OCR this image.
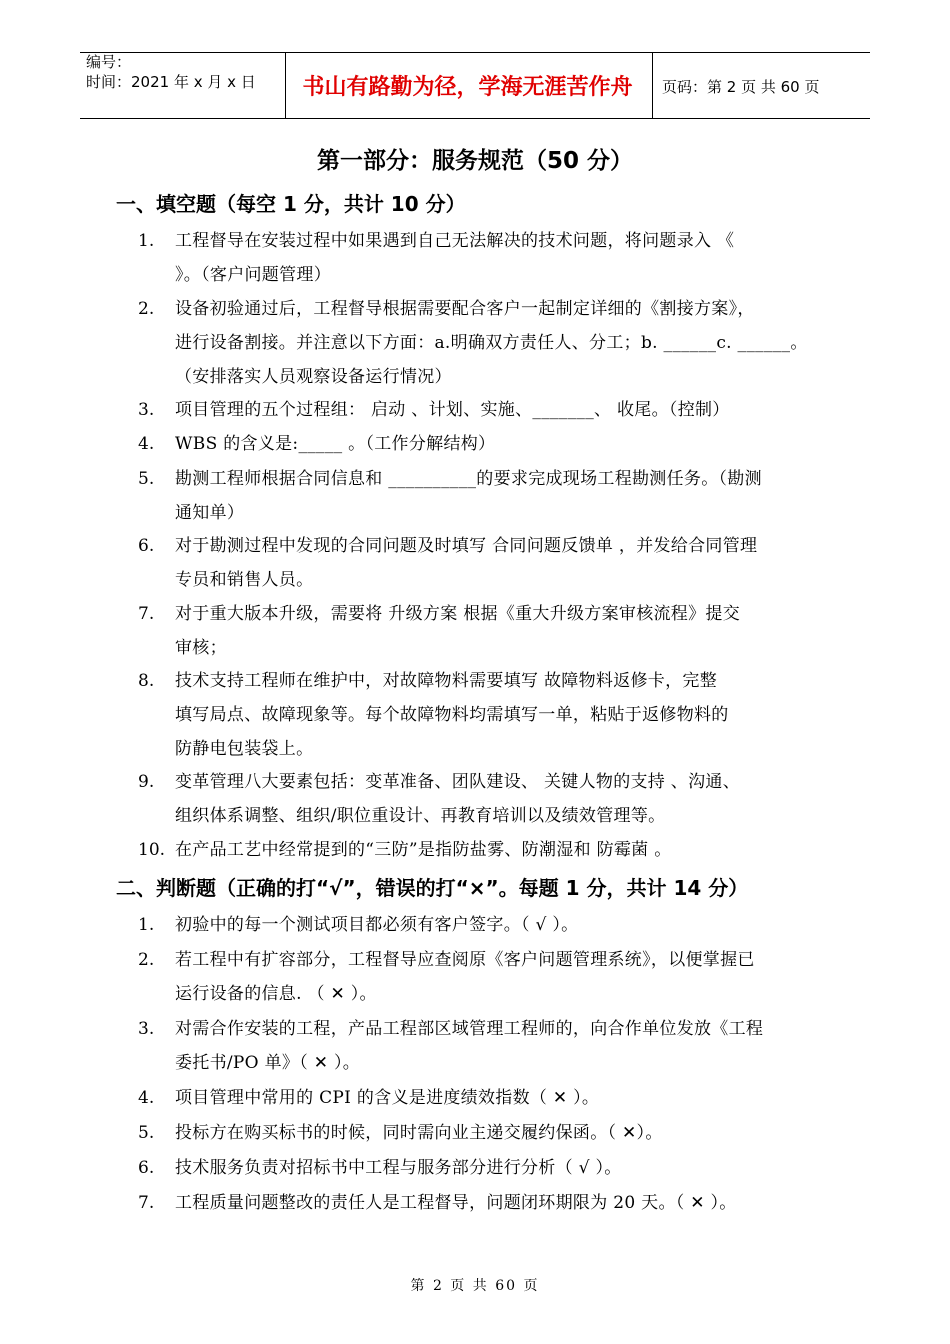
编号：
时间：2021 年 x 月 x 日	书山有路勤为径，学海无涯苦作舟	页码：第 2 页 共 60 页
第一部分：服务规范（50 分）
一、填空题（每空 1 分，共计 10 分）
1.	工程督导在安装过程中如果遇到自己无法解决的技术问题，将问题录入 《
》。（客户问题管理）
2.	设备初验通过后，工程督导根据需要配合客户一起制定详细的《割接方案》，
进行设备割接。并注意以下方面：a.明确双方责任人、分工；b. ______c. ______。
（安排落实人员观察设备运行情况）
3.	项目管理的五个过程组： 启动 、计划、实施、_______、 收尾。（控制）
4.	WBS 的含义是:_____ 。（工作分解结构）
5.	勘测工程师根据合同信息和 __________的要求完成现场工程勘测任务。（勘测
通知单）
6.	对于勘测过程中发现的合同问题及时填写 合同问题反馈单 ，并发给合同管理
专员和销售人员。
7.	对于重大版本升级，需要将 升级方案 根据《重大升级方案审核流程》提交
审核；
8.	技术支持工程师在维护中，对故障物料需要填写 故障物料返修卡，完整
填写局点、故障现象等。每个故障物料均需填写一单，粘贴于返修物料的
防静电包装袋上。
9.	变革管理八大要素包括：变革准备、团队建设、 关键人物的支持 、沟通、
组织体系调整、组织/职位重设计、再教育培训以及绩效管理等。
10. 在产品工艺中经常提到的“三防”是指防盐雾、防潮湿和 防霉菌 。
二、判断题（正确的打“√”，错误的打“×”。每题 1 分，共计 14 分）
1.	初验中的每一个测试项目都必须有客户签字。（ √ ）。
2.	若工程中有扩容部分，工程督导应查阅原《客户问题管理系统》，以便掌握已
运行设备的信息. （ ✕ ）。
3.	对需合作安装的工程，产品工程部区域管理工程师的，向合作单位发放《工程
委托书/PO 单》（ ✕ ）。
4.	项目管理中常用的 CPI 的含义是进度绩效指数（ ✕ ）。
5.	投标方在购买标书的时候，同时需向业主递交履约保函。（ ✕）。
6.	技术服务负责对招标书中工程与服务部分进行分析（ √ ）。
7.	工程质量问题整改的责任人是工程督导，问题闭环期限为 20 天。（ ✕ ）。
第 2 页 共 60 页
